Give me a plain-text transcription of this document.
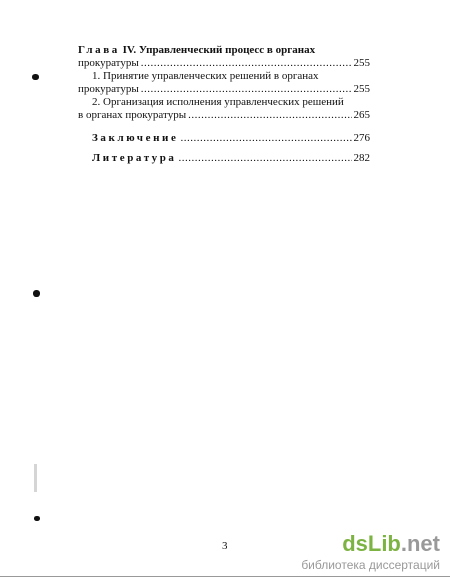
Глава IV. Управленческий процесс в органах
прокуратуры .....	255
1. Принятие управленческих решений в органах
прокуратуры .....	255
2. Организация исполнения управленческих решений
в органах прокуратуры .....	265
Заключение .....	276
Литература .....	282
3	dsLib.net
библиотека диссертаций
